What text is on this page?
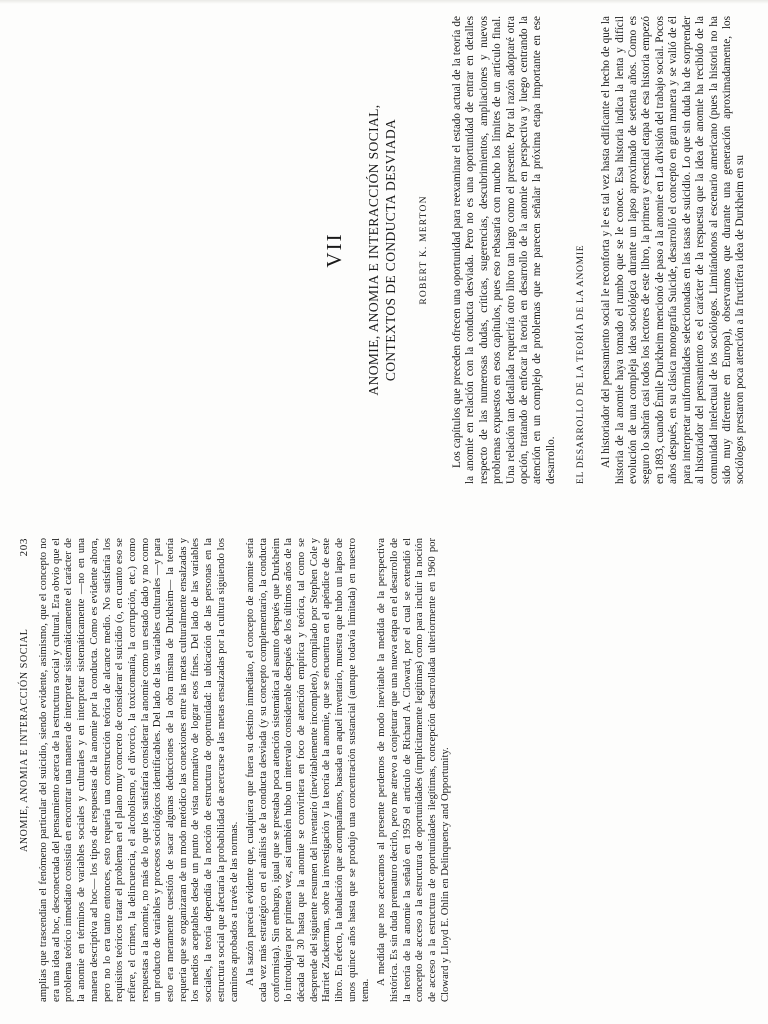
ANOMIE, ANOMIA E INTERACCIÓN SOCIAL
203 amplias que trascendían el fenómeno particular del suicidio, siendo evidente, asimismo, que el concepto no era una idea ad hoc, desconectada del pensamiento acerca de la estructura social y cultural. Era obvio que el problema teórico inmediato consistía en encontrar una manera de interpretar sistemáticamente el carácter de la anomie en términos de variables sociales y culturales y en interpretar sistemáticamente —no en una manera descriptiva ad hoc— los tipos de respuestas de la anomie por la conducta. Como es evidente ahora, pero no lo era tanto entonces, esto requería una construcción teórica de alcance medio. No satisfaría los requisitos teóricos tratar el problema en el plano muy concreto de considerar el suicidio (o, en cuanto eso se refiere, el crimen, la delincuencia, el alcoholismo, el divorcio, la toxicomanía, la corrupción, etc.) como respuestas a la anomie, no más de lo que los satisfaría considerar la anomie como un estado dado y no como un producto de variables y procesos sociológicos identificables. Del lado de las variables culturales —y para esto era meramente cuestión de sacar algunas deducciones de la obra misma de Durkheim— la teoría requería que se organizaran de un modo metódico las conexiones entre las metas culturalmente ensalzadas y los medios aceptables desde un punto de vista normativo de lograr esos fines. Del lado de las variables sociales, la teoría dependía de la noción de estructura de oportunidad: la ubicación de las personas en la estructura social que afectaría la probabilidad de acercarse a las metas ensalzadas por la cultura siguiendo los caminos aprobados a través de las normas. A la sazón parecía evidente que, cualquiera que fuera su destino inmediato, el concepto de anomie sería cada vez más estratégico en el análisis de la conducta desviada (y su concepto complementario, la conducta conformista). Sin embargo, igual que se prestaba poca atención sistemática al asunto después que Durkheim lo introdujera por primera vez, así también hubo un intervalo considerable después de los últimos años de la década del 30 hasta que la anomie se convirtiera en foco de atención empírica y teórica, tal como se desprende del siguiente resumen del inventario (inevitablemente incompleto), compilado por Stephen Cole y Harriet Zuckerman, sobre la investigación y la teoría de la anomie, que se encuentra en el apéndice de este libro. En efecto, la tabulación que acompañamos, basada en aquel inventario, muestra que hubo un lapso de unos quince años hasta que se produjo una concentración sustancial (aunque todavía limitada) en nuestro tema.

A medida que nos acercamos al presente perdemos de modo inevitable la medida de la perspectiva histórica. Es sin duda prematuro decirlo, pero me atrevo a conjeturar que una nueva etapa en el desarrollo de la teoría de la anomie la señaló en 1959 el artículo de Richard A. Cloward, por el cual se extendió el concepto de acceso a la estructura de oportunidades (implícitamente legítimas) como para incluir la noción de acceso a la estructura de oportunidades ilegítimas, concepción desarrollada ulteriormente en 1960 por Cloward y Lloyd E. Ohlin en Delinquency and Opportunity.

VII ANOMIE, ANOMIA E INTERACCIÓN SOCIAL, CONTEXTOS DE CONDUCTA DESVIADA ROBERT K. MERTON Los capítulos que preceden ofrecen una oportunidad para reexaminar el estado actual de la teoría de la anomie en relación con la conducta desviada. Pero no es una oportunidad de entrar en detalles respecto de las numerosas dudas, críticas, sugerencias, descubrimientos, ampliaciones y nuevos problemas expuestos en esos capítulos, pues eso rebasaría con mucho los límites de un artículo final. Una relación tan detallada requeriría otro libro tan largo como el presente. Por tal razón adoptaré otra opción, tratando de enfocar la teoría en desarrollo de la anomie en perspectiva y luego centrando la atención en un complejo de problemas que me parecen señalar la próxima etapa importante en ese desarrollo. EL DESARROLLO DE LA TEORÍA DE LA ANOMIE Al historiador del pensamiento social le reconforta y le es tal vez hasta edificante el hecho de que la historia de la anomie haya tomado el rumbo que se le conoce. Esa historia indica la lenta y difícil evolución de una compleja idea sociológica durante un lapso aproximado de setenta años. Como es seguro lo sabrán casi todos los lectores de este libro, la primera y esencial etapa de esa historia empezó en 1893, cuando Émile Durkheim mencionó de paso a la anomie en La división del trabajo social. Pocos años después, en su clásica monografía Suicide, desarrolló el concepto en gran manera y se valió de él para interpretar uniformidades seleccionadas en las tasas de suicidio. Lo que sin duda ha de sorprender al historiador del pensamiento es el carácter de la respuesta que la idea de anomie ha recibido de la comunidad intelectual de los sociólogos. Limitándonos al escenario americano (pues la historia no ha sido muy diferente en Europa), observamos que durante una generación aproximadamente, los sociólogos prestaron poca atención a la fructífera idea de Durkheim en su
